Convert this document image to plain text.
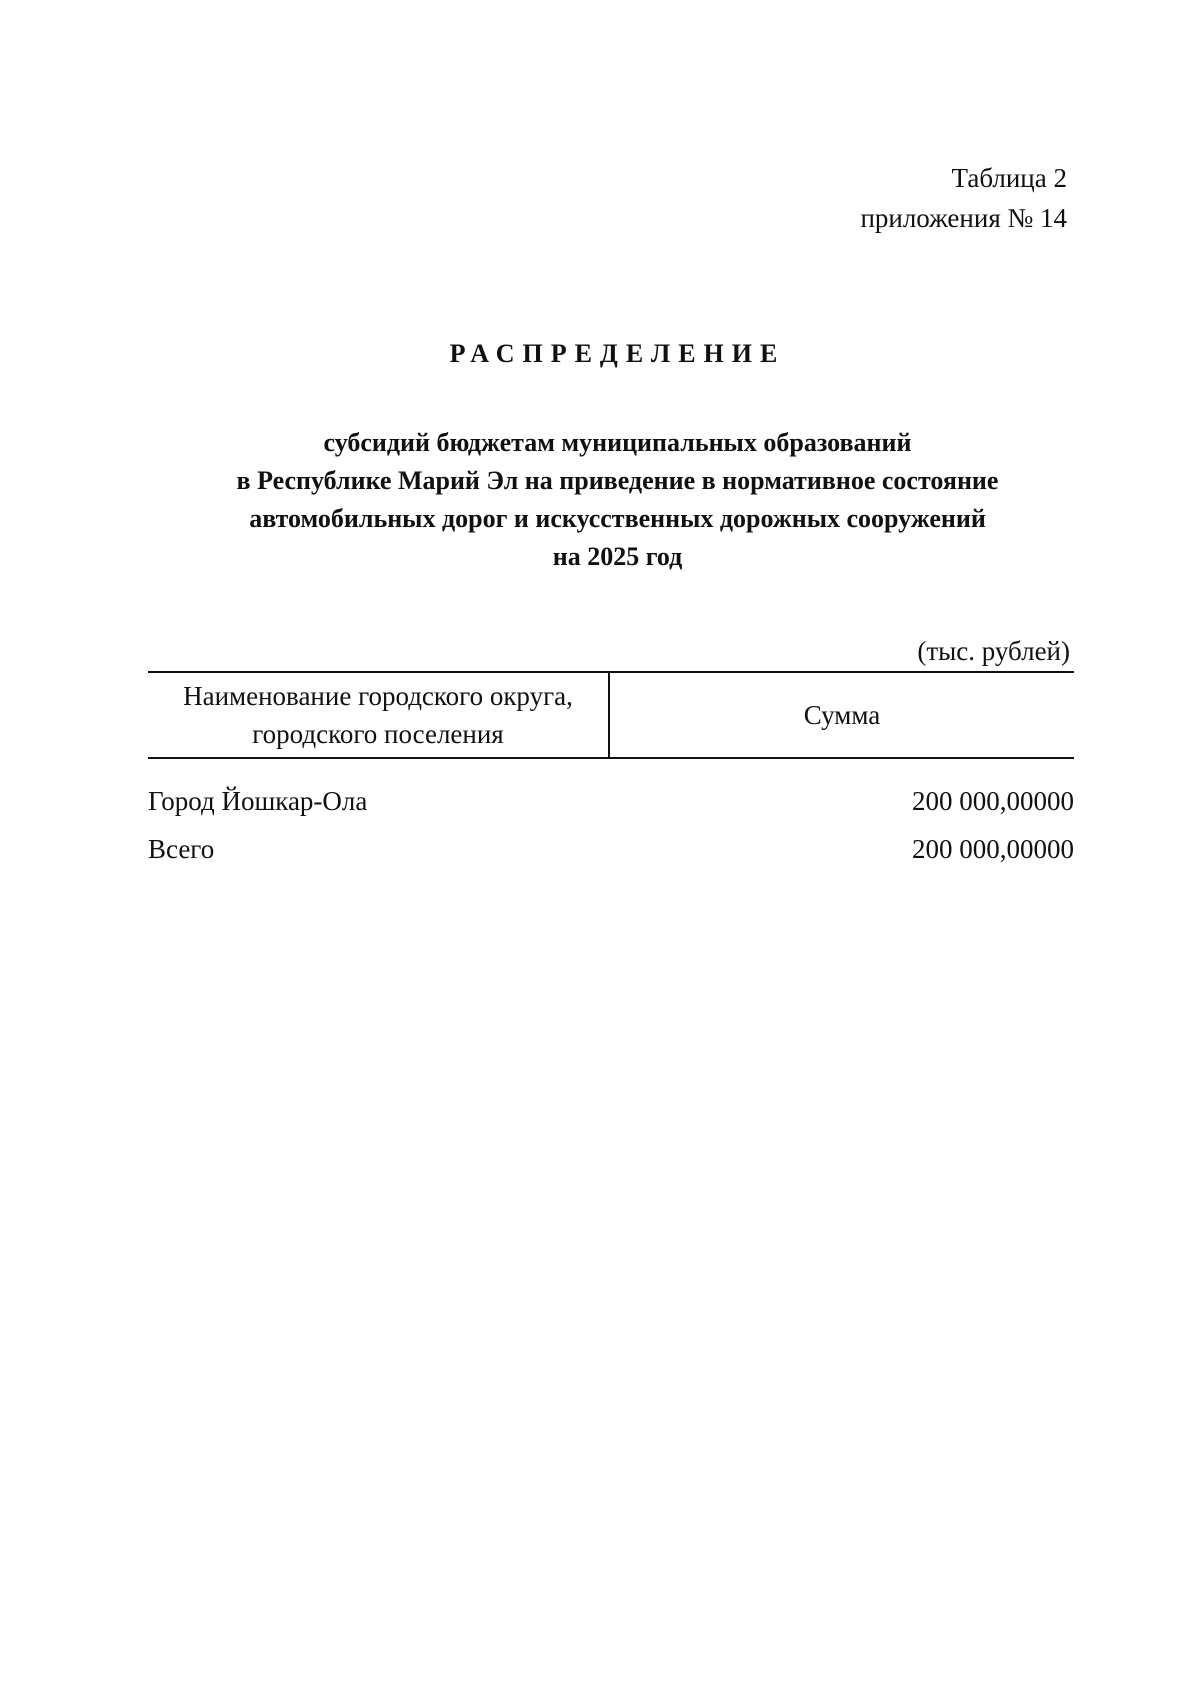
Таблица 2
приложения № 14
РАСПРЕДЕЛЕНИЕ
субсидий бюджетам муниципальных образований
в Республике Марий Эл на приведение в нормативное состояние
автомобильных дорог и искусственных дорожных сооружений
на 2025 год
(тыс. рублей)
Наименование городского округа,
городского поселения	Сумма
Город Йошкар-Ола	200 000,00000
Всего	200 000,00000
